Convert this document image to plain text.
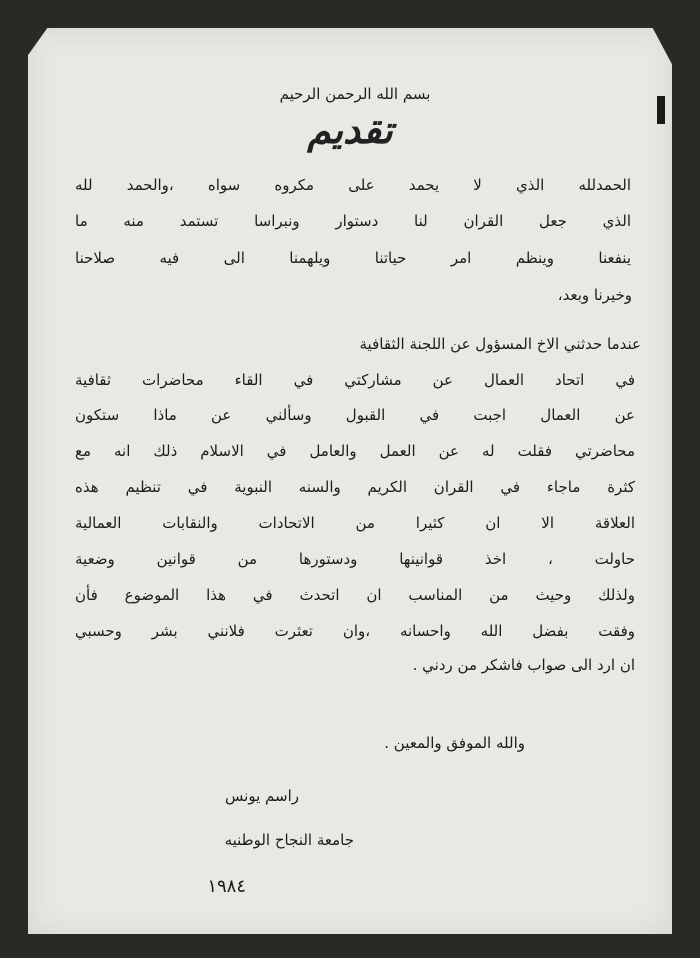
بسم الله الرحمن الرحيم
تقديم
الحمدلله الذي لا يحمد على مكروه سواه ،والحمد لله
الذي جعل القران لنا دستوار ونبراسا تستمد منه ما
ينفعنا وينظم امر حياتنا ويلهمنا الى فيه صلاحنا
وخيرنا وبعد،
عندما حدثني الاخ المسؤول عن اللجنة الثقافية
في اتحاد العمال عن مشاركتي في القاء محاضرات ثقافية
عن العمال اجبت في القبول وسألني عن ماذا ستكون
محاضرتي فقلت له عن العمل والعامل في الاسلام ذلك انه مع
كثرة ماجاء في القران الكريم والسنه النبوية في تنظيم هذه
العلاقة الا ان كثيرا من الاتحادات والنقابات العمالية
حاولت ، اخذ قوانينها ودستورها من قوانين وضعية
ولذلك وحيث من المناسب ان اتحدث في هذا الموضوع فأن
وفقت بفضل الله واحسانه ،وان تعثرت فلانني بشر وحسبي
ان ارد الى صواب فاشكر من ردني .
والله الموفق والمعين .
راسم يونس
جامعة النجاح الوطنيه
١٩٨٤
